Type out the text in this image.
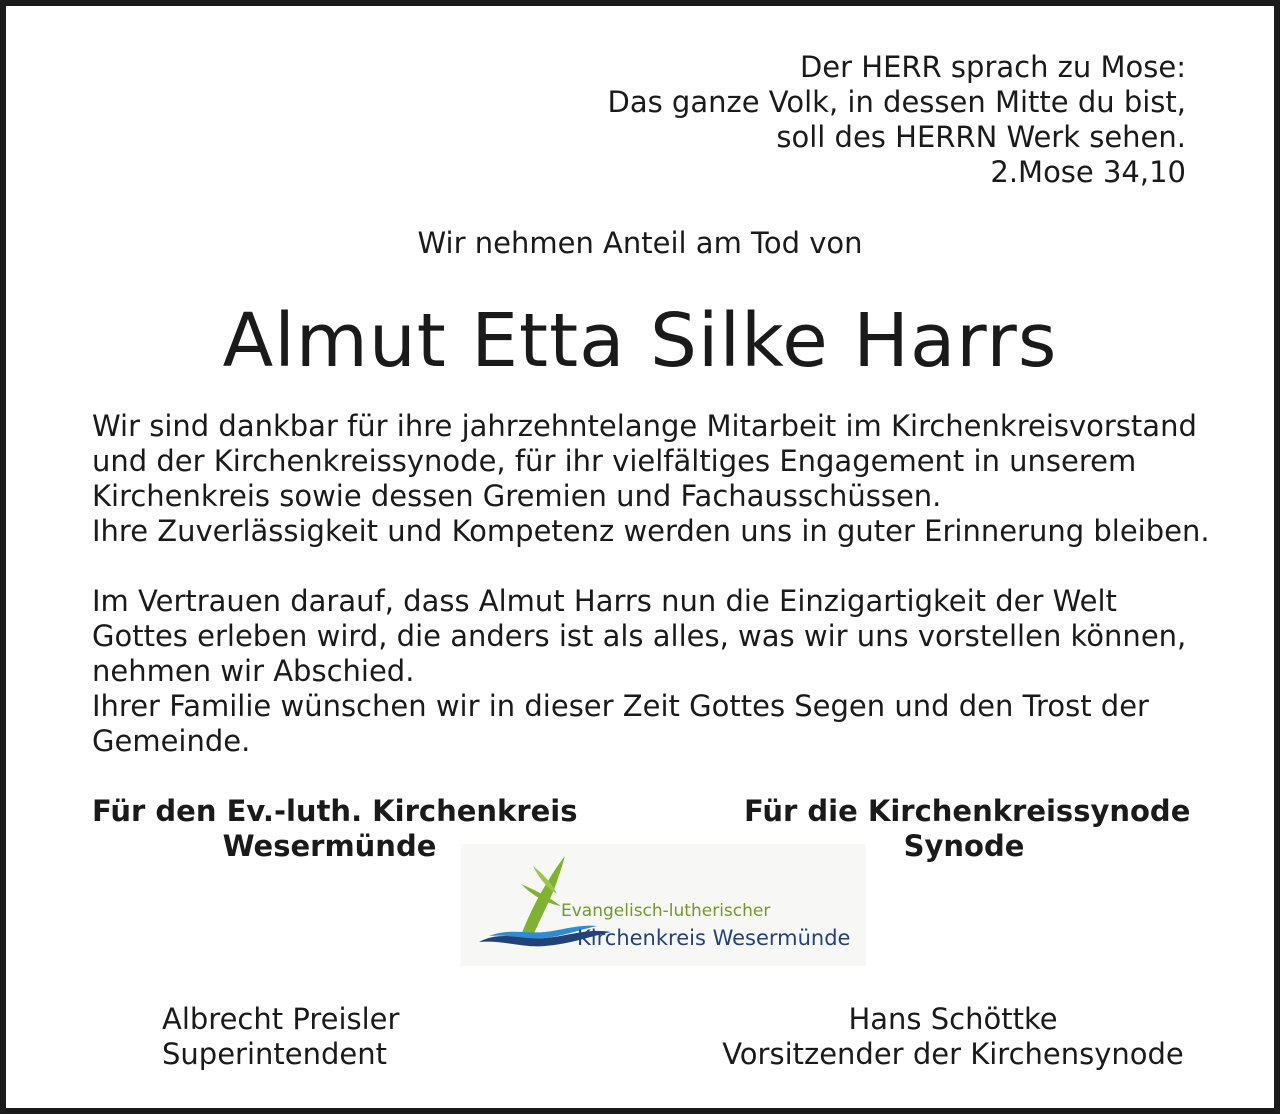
Der HERR sprach zu Mose:
Das ganze Volk, in dessen Mitte du bist,
soll des HERRN Werk sehen.
2.Mose 34,10
Wir nehmen Anteil am Tod von
Almut Etta Silke Harrs
Wir sind dankbar für ihre jahrzehntelange Mitarbeit im Kirchenkreisvorstand
und der Kirchenkreissynode, für ihr vielfältiges Engagement in unserem
Kirchenkreis sowie dessen Gremien und Fachausschüssen.
Ihre Zuverlässigkeit und Kompetenz werden uns in guter Erinnerung bleiben.
Im Vertrauen darauf, dass Almut Harrs nun die Einzigartigkeit der Welt
Gottes erleben wird, die anders ist als alles, was wir uns vorstellen können,
nehmen wir Abschied.
Ihrer Familie wünschen wir in dieser Zeit Gottes Segen und den Trost der
Gemeinde.
Für den Ev.-luth. Kirchenkreis
Wesermünde
Für die Kirchenkreissynode
Synode
Evangelisch-lutherischer
Kirchenkreis Wesermünde
Albrecht Preisler
Superintendent
Hans Schöttke
Vorsitzender der Kirchensynode
